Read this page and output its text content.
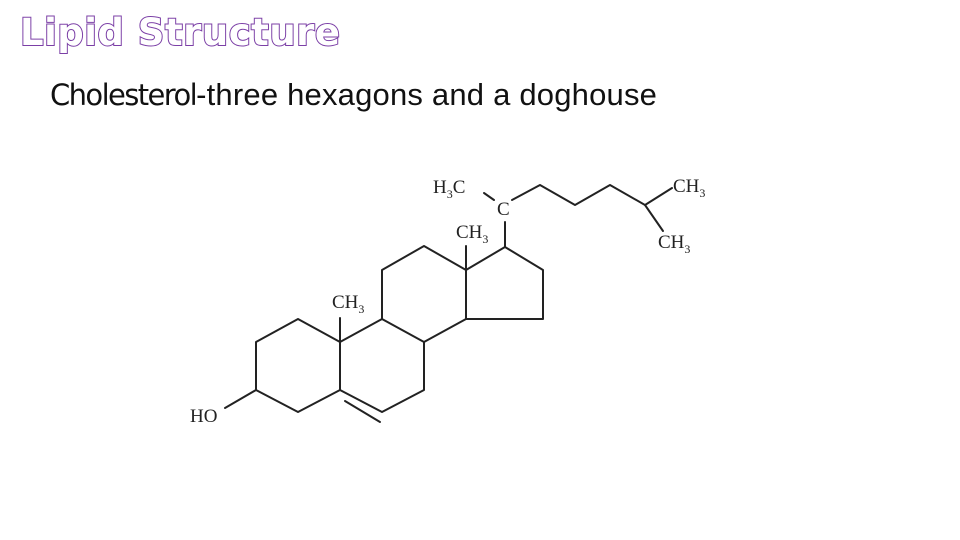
Lipid Structure

Cholesterol-three hexagons and a doghouse

$H_3C$
C
$CH_3$
$CH_3$
$CH_3$
$CH_3$
HO
